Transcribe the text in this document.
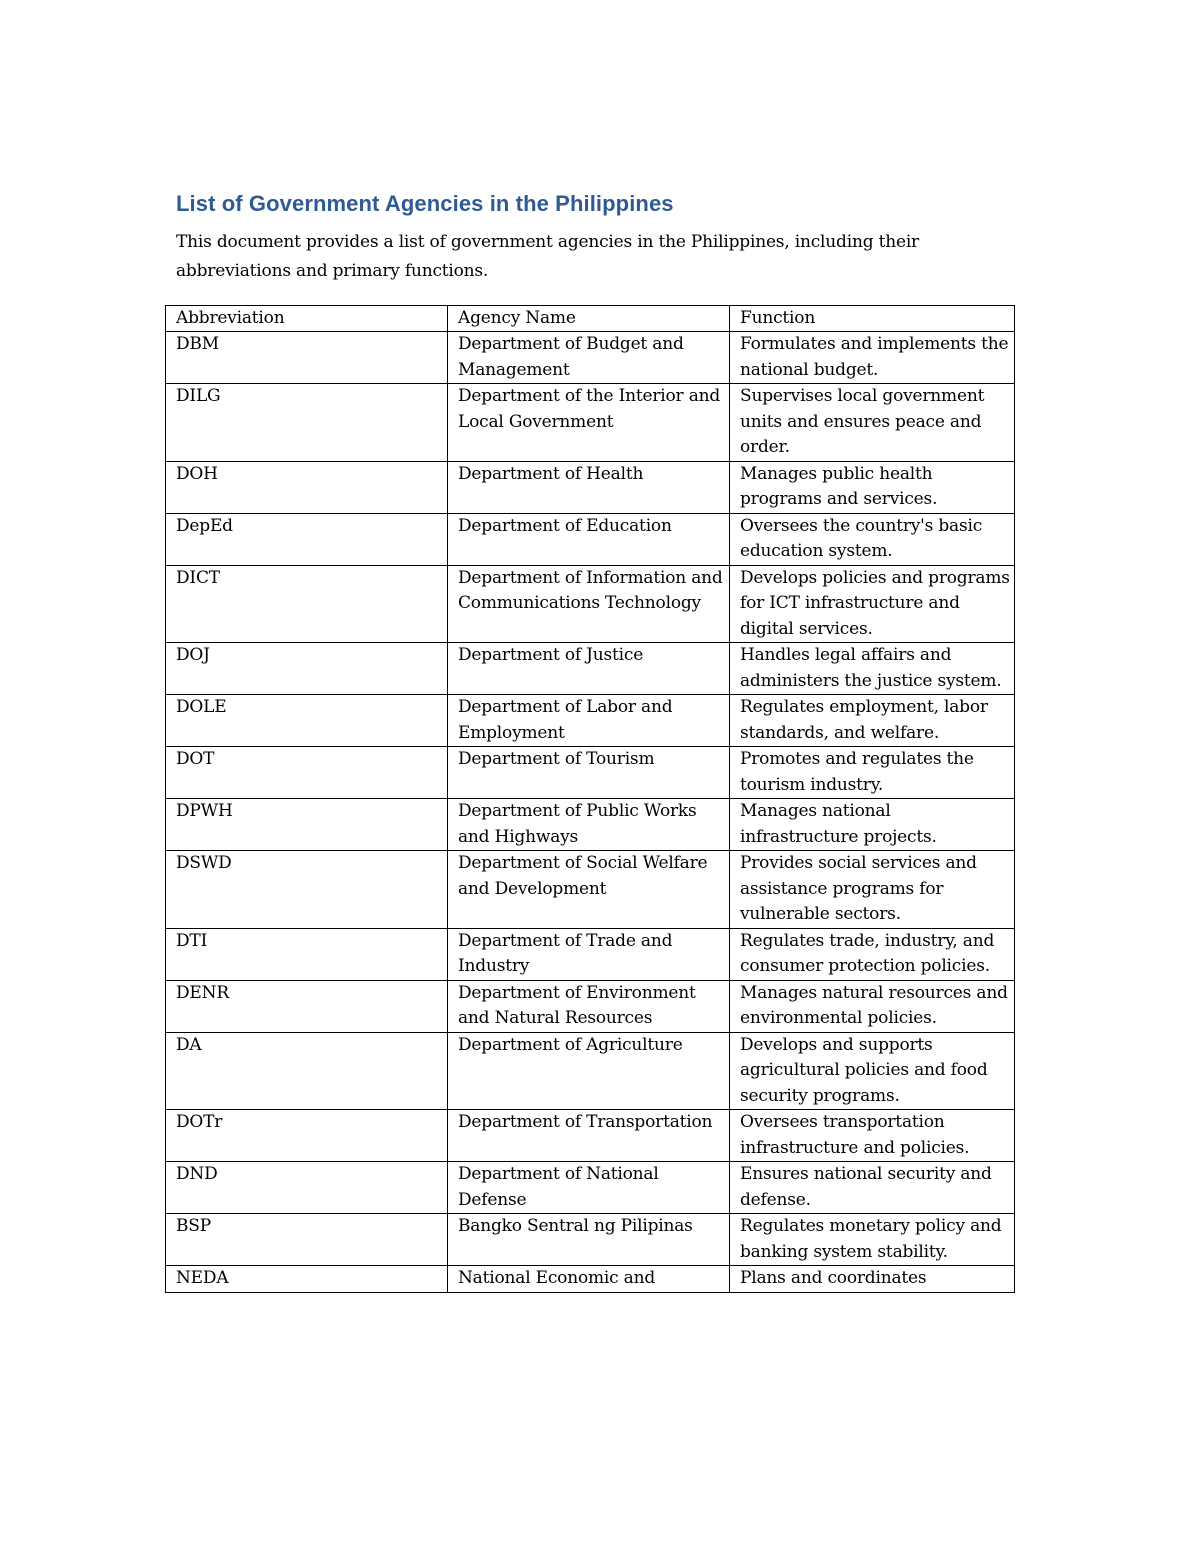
List of Government Agencies in the Philippines
This document provides a list of government agencies in the Philippines, including their abbreviations and primary functions.
Abbreviation	Agency Name	Function
DBM	Department of Budget and Management	Formulates and implements the national budget.
DILG	Department of the Interior and Local Government	Supervises local government units and ensures peace and order.
DOH	Department of Health	Manages public health programs and services.
DepEd	Department of Education	Oversees the country's basic education system.
DICT	Department of Information and Communications Technology	Develops policies and programs for ICT infrastructure and digital services.
DOJ	Department of Justice	Handles legal affairs and administers the justice system.
DOLE	Department of Labor and Employment	Regulates employment, labor standards, and welfare.
DOT	Department of Tourism	Promotes and regulates the tourism industry.
DPWH	Department of Public Works and Highways	Manages national infrastructure projects.
DSWD	Department of Social Welfare and Development	Provides social services and assistance programs for vulnerable sectors.
DTI	Department of Trade and Industry	Regulates trade, industry, and consumer protection policies.
DENR	Department of Environment and Natural Resources	Manages natural resources and environmental policies.
DA	Department of Agriculture	Develops and supports agricultural policies and food security programs.
DOTr	Department of Transportation	Oversees transportation infrastructure and policies.
DND	Department of National Defense	Ensures national security and defense.
BSP	Bangko Sentral ng Pilipinas	Regulates monetary policy and banking system stability.
NEDA	National Economic and	Plans and coordinates
